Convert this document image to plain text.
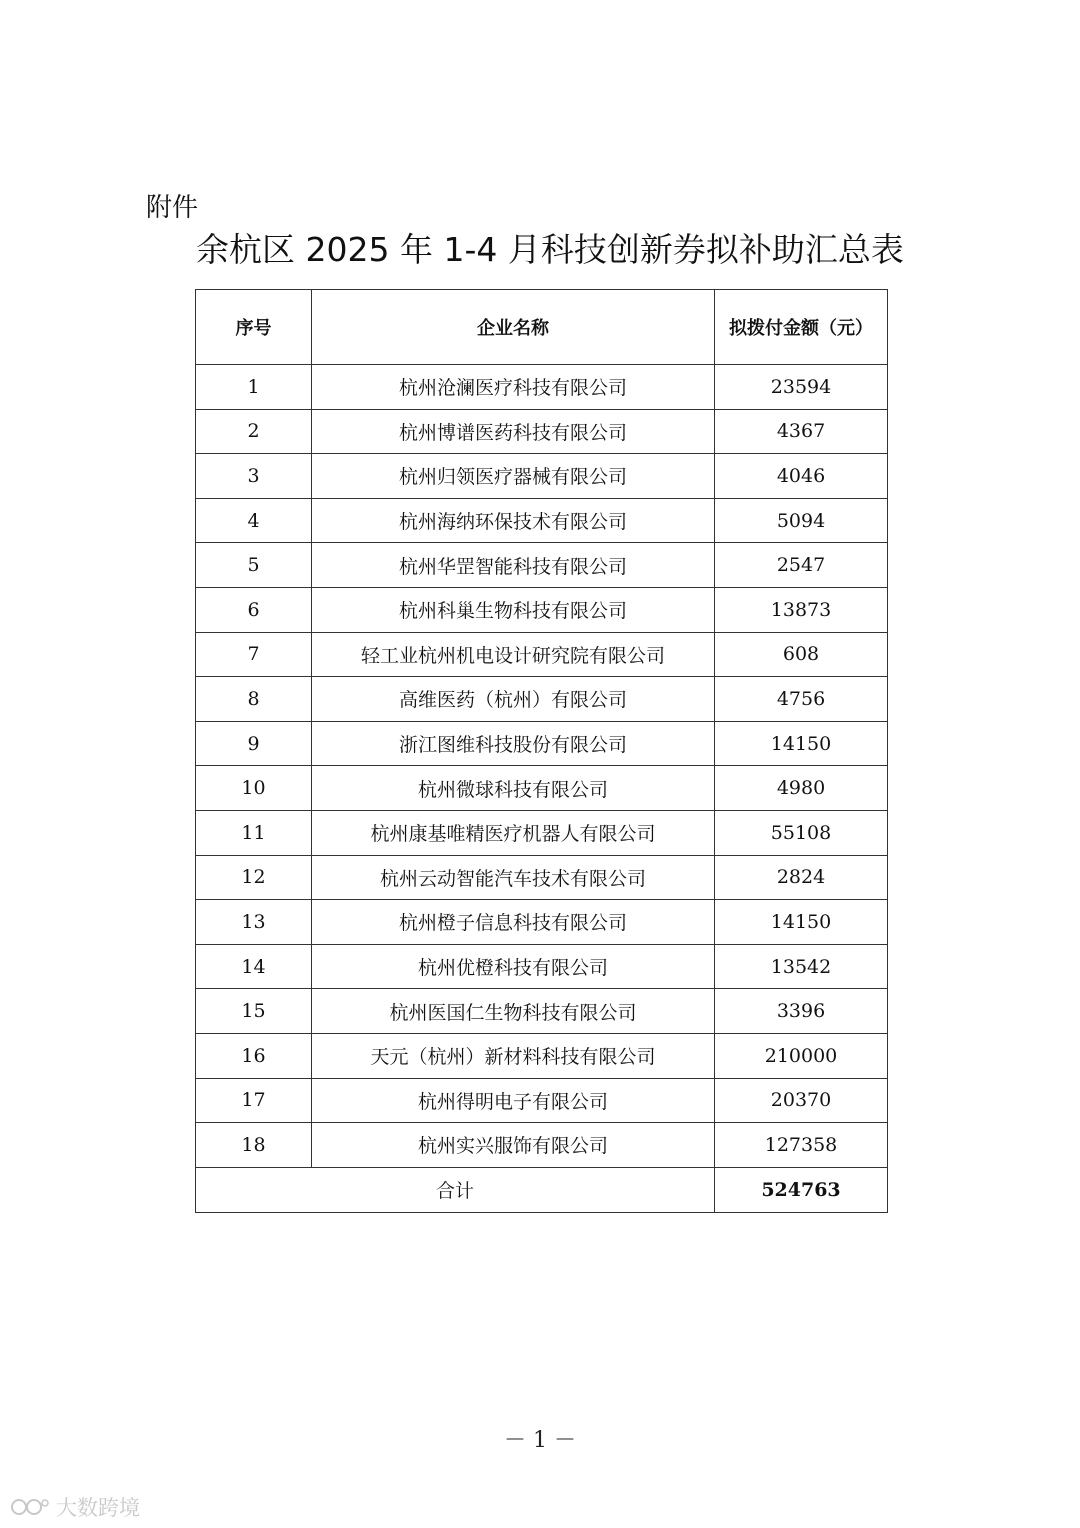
附件
余杭区 2025 年 1-4 月科技创新券拟补助汇总表
序号	企业名称	拟拨付金额（元）
1	杭州沧澜医疗科技有限公司	23594
2	杭州博谱医药科技有限公司	4367
3	杭州归领医疗器械有限公司	4046
4	杭州海纳环保技术有限公司	5094
5	杭州华罡智能科技有限公司	2547
6	杭州科巢生物科技有限公司	13873
7	轻工业杭州机电设计研究院有限公司	608
8	高维医药（杭州）有限公司	4756
9	浙江图维科技股份有限公司	14150
10	杭州微球科技有限公司	4980
11	杭州康基唯精医疗机器人有限公司	55108
12	杭州云动智能汽车技术有限公司	2824
13	杭州橙子信息科技有限公司	14150
14	杭州优橙科技有限公司	13542
15	杭州医国仁生物科技有限公司	3396
16	天元（杭州）新材料科技有限公司	210000
17	杭州得明电子有限公司	20370
18	杭州实兴服饰有限公司	127358
合计		524763
－ 1 －
大数跨境
